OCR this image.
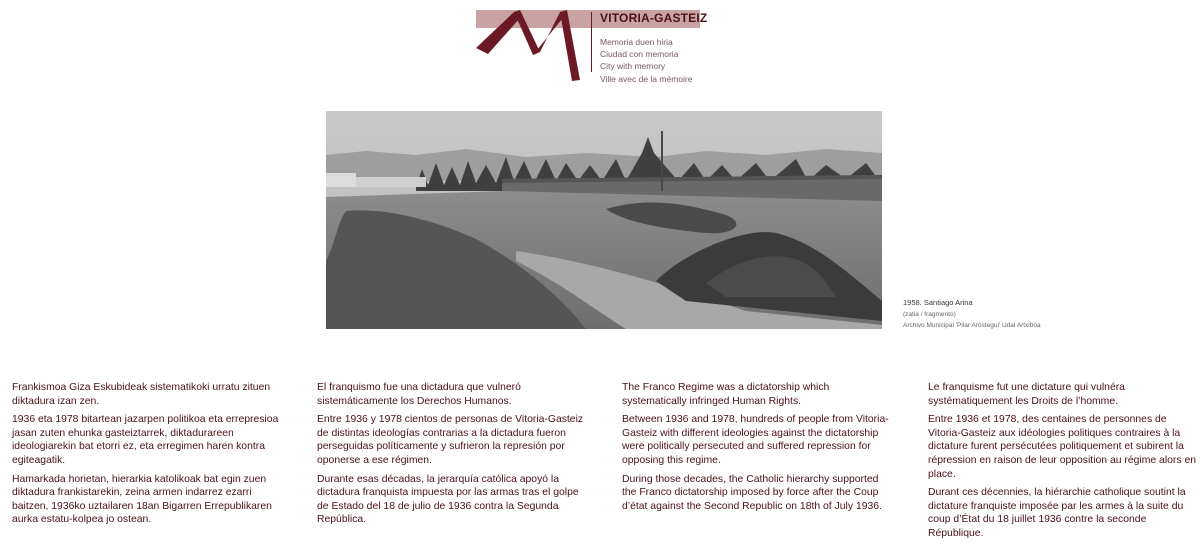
VITORIA-GASTEIZ
Memoria duen hiria
Ciudad con memoria
City with memory
Ville avec de la mémoire
1958. Santiago Arina
(zatia / fragmento)
Archivo Municipal 'Pilar Aróstegui' Udal Artxiboa

Frankismoa Giza Eskubideak sistematikoki urratu zituen diktadura izan zen.

1936 eta 1978 bitartean jazarpen politikoa eta errepresioa jasan zuten ehunka gasteiztarrek, diktadurareen ideologiarekin bat etorri ez, eta erregimen haren kontra egiteagatik.

Hamarkada horietan, hierarkia katolikoak bat egin zuen diktadura frankistarekin, zeina armen indarrez ezarri baitzen, 1936ko uztailaren 18an Bigarren Errepublikaren aurka estatu-kolpea jo ostean.

El franquismo fue una dictadura que vulneró sistemáticamente los Derechos Humanos.

Entre 1936 y 1978 cientos de personas de Vitoria-Gasteiz de distintas ideologías contrarias a la dictadura fueron perseguidas políticamente y sufrieron la represión por oponerse a ese régimen.

Durante esas décadas, la jerarquía católica apoyó la dictadura franquista impuesta por las armas tras el golpe de Estado del 18 de julio de 1936 contra la Segunda República.

The Franco Regime was a dictatorship which systematically infringed Human Rights.

Between 1936 and 1978, hundreds of people from Vitoria-Gasteiz with different ideologies against the dictatorship were politically persecuted and suffered repression for opposing this regime.

During those decades, the Catholic hierarchy supported the Franco dictatorship imposed by force after the Coup d’état against the Second Republic on 18th of July 1936.

Le franquisme fut une dictature qui vulnéra systématiquement les Droits de l’homme.

Entre 1936 et 1978, des centaines de personnes de Vitoria-Gasteiz aux idéologies politiques contraires à la dictature furent persécutées politiquement et subirent la répression en raison de leur opposition au régime alors en place.

Durant ces décennies, la hiérarchie catholique soutint la dictature franquiste imposée par les armes à la suite du coup d’État du 18 juillet 1936 contre la seconde République.
